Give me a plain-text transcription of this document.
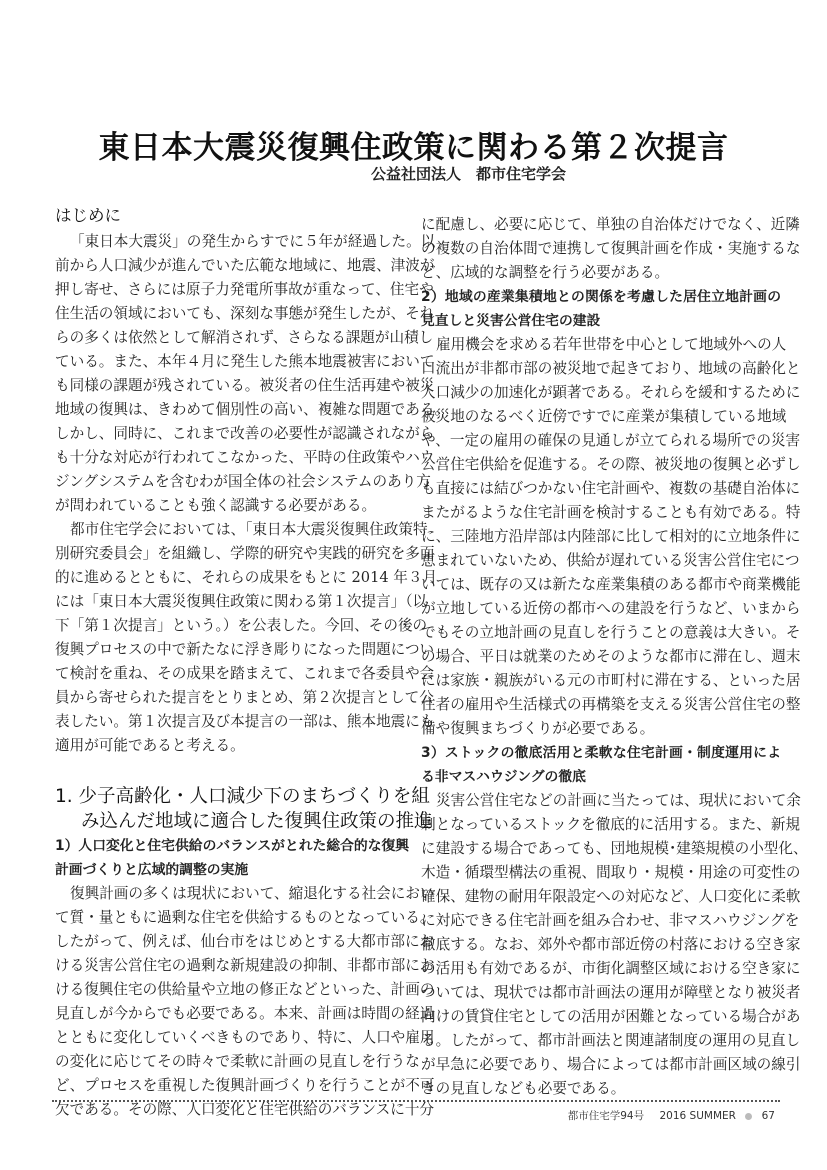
東日本大震災復興住政策に関わる第２次提言
公益社団法人　都市住宅学会
はじめに
「東日本大震災」の発生からすでに５年が経過した。以
前から人口減少が進んでいた広範な地域に、地震、津波が
押し寄せ、さらには原子力発電所事故が重なって、住宅や
住生活の領域においても、深刻な事態が発生したが、それ
らの多くは依然として解消されず、さらなる課題が山積し
ている。また、本年４月に発生した熊本地震被害において
も同様の課題が残されている。被災者の住生活再建や被災
地域の復興は、きわめて個別性の高い、複雑な問題である。
しかし、同時に、これまで改善の必要性が認識されながら
も十分な対応が行われてこなかった、平時の住政策やハウ
ジングシステムを含むわが国全体の社会システムのあり方
が問われていることも強く認識する必要がある。
都市住宅学会においては、「東日本大震災復興住政策特
別研究委員会」を組織し、学際的研究や実践的研究を多面
的に進めるとともに、それらの成果をもとに 2014 年３月
には「東日本大震災復興住政策に関わる第１次提言」（以
下「第１次提言」という。）を公表した。今回、その後の
復興プロセスの中で新たなに浮き彫りになった問題につい
て検討を重ね、その成果を踏まえて、これまで各委員や会
員から寄せられた提言をとりまとめ、第２次提言として公
表したい。第１次提言及び本提言の一部は、熊本地震にも
適用が可能であると考える。
1. 少子高齢化・人口減少下のまちづくりを組
み込んだ地域に適合した復興住政策の推進
1）人口変化と住宅供給のバランスがとれた総合的な復興
計画づくりと広域的調整の実施
復興計画の多くは現状において、縮退化する社会におい
て質・量ともに過剰な住宅を供給するものとなっている。
したがって、例えば、仙台市をはじめとする大都市部にお
ける災害公営住宅の過剰な新規建設の抑制、非都市部にお
ける復興住宅の供給量や立地の修正などといった、計画の
見直しが今からでも必要である。本来、計画は時間の経過
とともに変化していくべきものであり、特に、人口や雇用
の変化に応じてその時々で柔軟に計画の見直しを行うな
ど、プロセスを重視した復興計画づくりを行うことが不可
欠である。その際、人口変化と住宅供給のバランスに十分
に配慮し、必要に応じて、単独の自治体だけでなく、近隣
の複数の自治体間で連携して復興計画を作成・実施するな
ど、広域的な調整を行う必要がある。
2）地域の産業集積地との関係を考慮した居住立地計画の
見直しと災害公営住宅の建設
雇用機会を求める若年世帯を中心として地域外への人
口流出が非都市部の被災地で起きており、地域の高齢化と
人口減少の加速化が顕著である。それらを緩和するために
被災地のなるべく近傍ですでに産業が集積している地域
や、一定の雇用の確保の見通しが立てられる場所での災害
公営住宅供給を促進する。その際、被災地の復興と必ずし
も直接には結びつかない住宅計画や、複数の基礎自治体に
またがるような住宅計画を検討することも有効である。特
に、三陸地方沿岸部は内陸部に比して相対的に立地条件に
恵まれていないため、供給が遅れている災害公営住宅につ
いては、既存の又は新たな産業集積のある都市や商業機能
が立地している近傍の都市への建設を行うなど、いまから
でもその立地計画の見直しを行うことの意義は大きい。そ
の場合、平日は就業のためそのような都市に滞在し、週末
には家族・親族がいる元の市町村に滞在する、といった居
住者の雇用や生活様式の再構築を支える災害公営住宅の整
備や復興まちづくりが必要である。
3）ストックの徹底活用と柔軟な住宅計画・制度運用によ
る非マスハウジングの徹底
災害公営住宅などの計画に当たっては、現状において余
剰となっているストックを徹底的に活用する。また、新規
に建設する場合であっても、団地規模･建築規模の小型化、
木造・循環型構法の重視、間取り・規模・用途の可変性の
確保、建物の耐用年限設定への対応など、人口変化に柔軟
に対応できる住宅計画を組み合わせ、非マスハウジングを
徹底する。なお、郊外や都市部近傍の村落における空き家
の活用も有効であるが、市街化調整区域における空き家に
ついては、現状では都市計画法の運用が障壁となり被災者
向けの賃貸住宅としての活用が困難となっている場合があ
る。したがって、都市計画法と関連諸制度の運用の見直し
が早急に必要であり、場合によっては都市計画区域の線引
きの見直しなども必要である。
都市住宅学94号 2016 SUMMER 67
